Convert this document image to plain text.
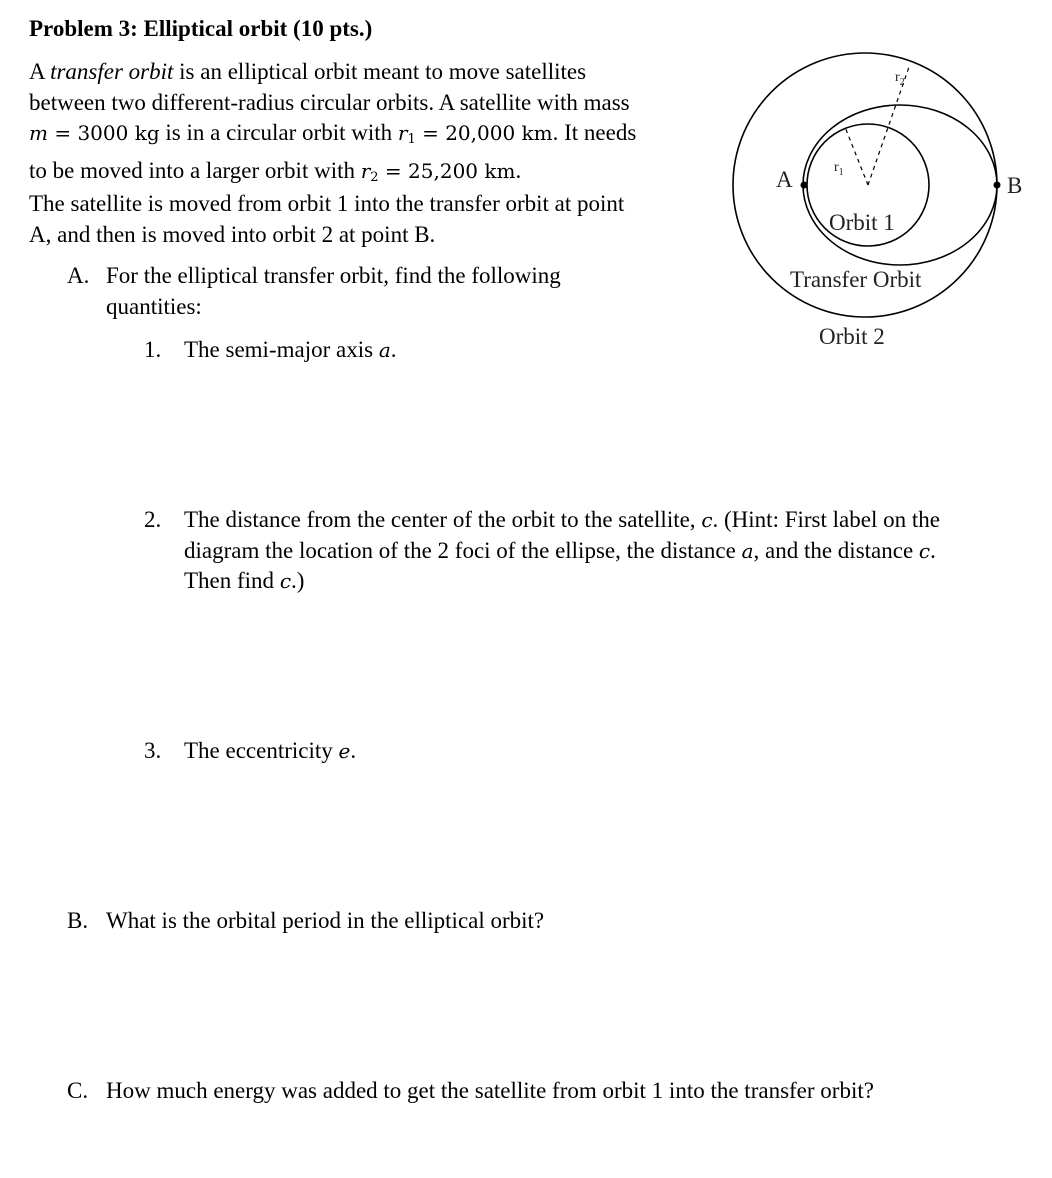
Problem 3: Elliptical orbit (10 pts.)
A transfer orbit is an elliptical orbit meant to move satellites
between two different-radius circular orbits. A satellite with mass
m = 3000 kg is in a circular orbit with $r_1 = 20,000$ km. It needs
to be moved into a larger orbit with $r_2 = 25,200$ km.
The satellite is moved from orbit 1 into the transfer orbit at point
A, and then is moved into orbit 2 at point B.
A. For the elliptical transfer orbit, find the following
quantities:
1. The semi-major axis a.
2. The distance from the center of the orbit to the satellite, c. (Hint: First label on the
diagram the location of the 2 foci of the ellipse, the distance a, and the distance c.
Then find c.)
3. The eccentricity e.
B. What is the orbital period in the elliptical orbit?
C. How much energy was added to get the satellite from orbit 1 into the transfer orbit?
A	B
$r_1$
$r_2$
Orbit 1
Transfer Orbit
Orbit 2
